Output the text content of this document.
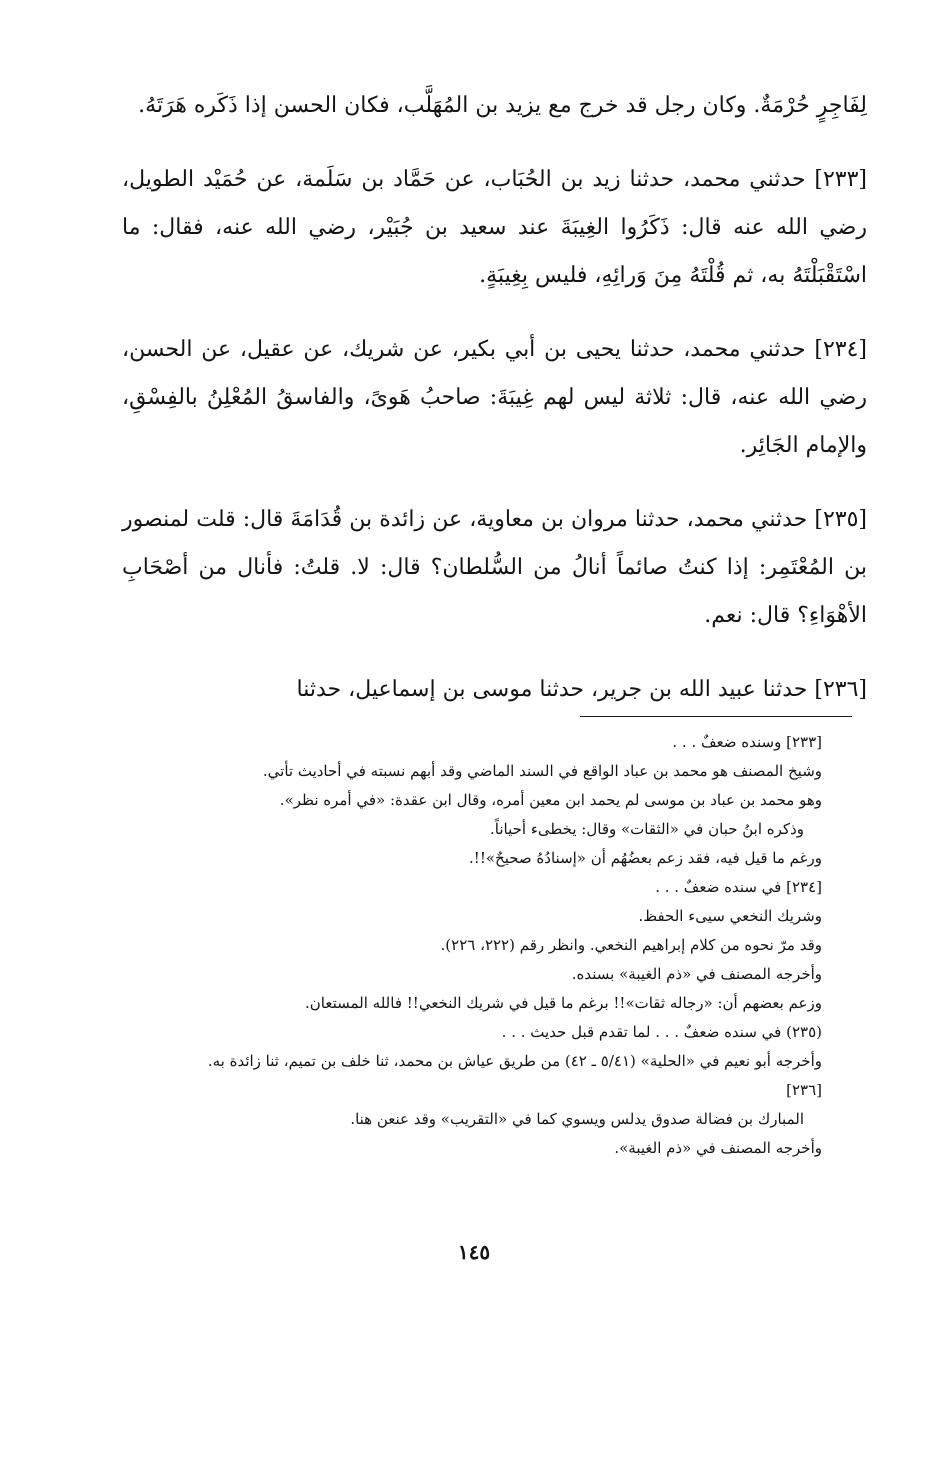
لِفَاجِرٍ حُرْمَةٌ. وكان رجل قد خرج مع يزيد بن المُهَلَّب، فكان الحسن إذا ذَكَره هَرَتَهُ.

[٢٣٣] حدثني محمد، حدثنا زيد بن الحُبَاب، عن حَمَّاد بن سَلَمة، عن حُمَيْد الطويل، رضي الله عنه قال: ذَكَرُوا الغِيبَةَ عند سعيد بن جُبَيْر، رضي الله عنه، فقال: ما اسْتَقْبَلْتَهُ به، ثم قُلْتَهُ مِنَ وَرائِهِ، فليس بِغِيبَةٍ.

[٢٣٤] حدثني محمد، حدثنا يحيى بن أبي بكير، عن شريك، عن عقيل، عن الحسن، رضي الله عنه، قال: ثلاثة ليس لهم غِيبَةَ: صاحبُ هَوىً، والفاسقُ المُعْلِنُ بالفِسْقِ، والإمام الجَائِر.

[٢٣٥] حدثني محمد، حدثنا مروان بن معاوية، عن زائدة بن قُدَامَةَ قال: قلت لمنصور بن المُعْتَمِر: إذا كنتُ صائماً أنالُ من السُّلطان؟ قال: لا. قلتُ: فأنال من أصْحَابِ الأهْوَاءِ؟ قال: نعم.

[٢٣٦] حدثنا عبيد الله بن جرير، حدثنا موسى بن إسماعيل، حدثنا

[٢٣٣] وسنده ضعفٌ . . .

وشيخ المصنف هو محمد بن عباد الواقع في السند الماضي وقد أبهم نسبته في أحاديث تأتي.

وهو محمد بن عباد بن موسى لم يحمد ابن معين أمره، وقال ابن عقدة: «في أمره نظر».

وذكره ابنُ حبان في «الثقات» وقال: يخطىء أحياناً.

ورغم ما قيل فيه، فقد زعم بعضُهُم أن «إسنادُهُ صحيحٌ»!!.

[٢٣٤] في سنده ضعفٌ . . .

وشريك النخعي سيىء الحفظ.

وقد مرّ نحوه من كلام إبراهيم النخعي. وانظر رقم (٢٢٢، ٢٢٦).

وأخرجه المصنف في «ذم الغيبة» بسنده.

وزعم بعضهم أن: «رجاله ثقات»!! برغم ما قيل في شريك النخعي!! فالله المستعان.

(٢٣٥) في سنده ضعفٌ . . . لما تقدم قبل حديث . . .

وأخرجه أبو نعيم في «الحلية» (٥/٤١ ـ ٤٢) من طريق عياش بن محمد، ثنا خلف بن تميم، ثنا زائدة به.

[٢٣٦]

المبارك بن فضالة صدوق يدلس ويسوي كما في «التقريب» وقد عنعن هنا.

وأخرجه المصنف في «ذم الغيبة».

١٤٥
